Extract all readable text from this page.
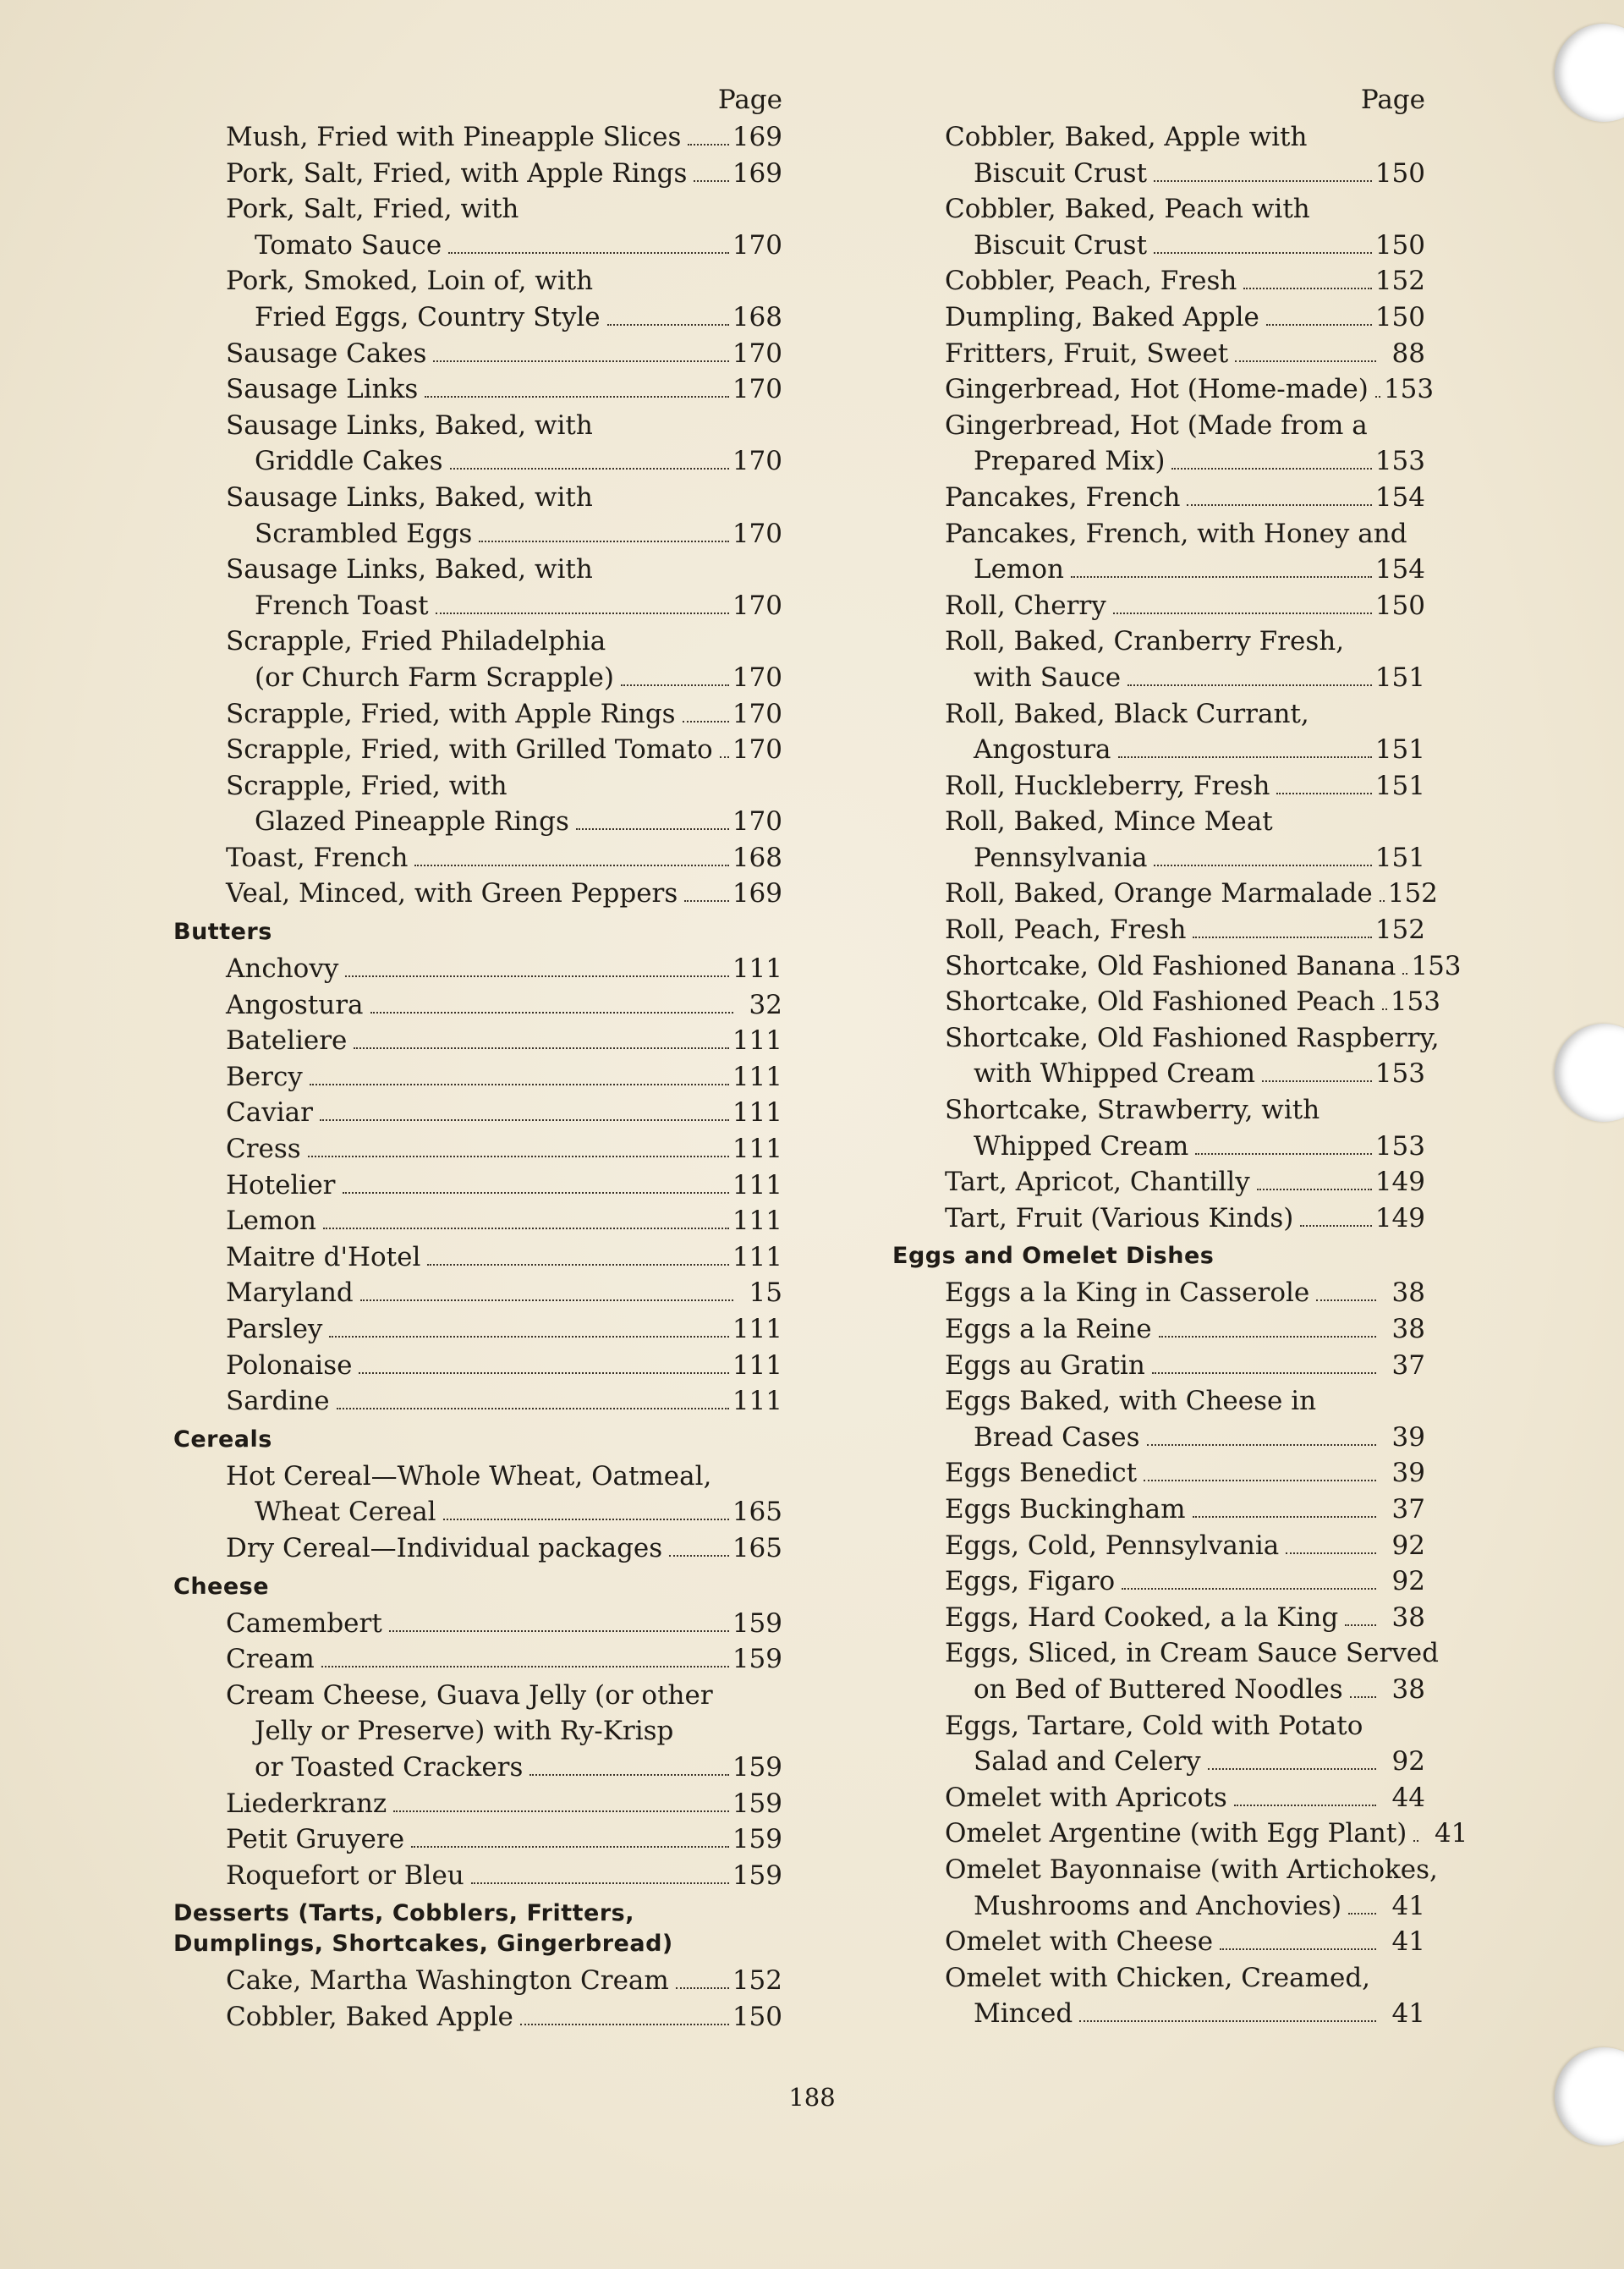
Page
Mush, Fried with Pineapple Slices 169
Pork, Salt, Fried, with Apple Rings 169
Pork, Salt, Fried, with
Tomato Sauce	170
Pork, Smoked, Loin of, with
Fried Eggs, Country Style	168
Sausage Cakes	170
Sausage Links	170
Sausage Links, Baked, with
Griddle Cakes	170
Sausage Links, Baked, with
Scrambled Eggs	170
Sausage Links, Baked, with
French Toast	170
Scrapple, Fried Philadelphia
(or Church Farm Scrapple)	170
Scrapple, Fried, with Apple Rings 170
Scrapple, Fried, with Grilled Tomato 170
Scrapple, Fried, with
Glazed Pineapple Rings	170
Toast, French	168
Veal, Minced, with Green Peppers 169
Butters
Anchovy	111
Angostura	32
Bateliere	111
Bercy	111
Caviar	111
Cress	111
Hotelier	111
Lemon	111
Maitre d'Hotel	111
Maryland	15
Parsley	111
Polonaise	111
Sardine	111
Cereals
Hot Cereal—Whole Wheat, Oatmeal,
Wheat Cereal	165
Dry Cereal—Individual packages	165
Cheese
Camembert	159
Cream	159
Cream Cheese, Guava Jelly (or other
Jelly or Preserve) with Ry-Krisp
or Toasted Crackers	159
Liederkranz	159
Petit Gruyere	159
Roquefort or Bleu	159
Desserts (Tarts, Cobblers, Fritters,
Dumplings, Shortcakes, Gingerbread)
Cake, Martha Washington Cream 152
Cobbler, Baked Apple	150
Page
Cobbler, Baked, Apple with
Biscuit Crust	150
Cobbler, Baked, Peach with
Biscuit Crust	150
Cobbler, Peach, Fresh	152
Dumpling, Baked Apple	150
Fritters, Fruit, Sweet	88
Gingerbread, Hot (Home-made) 153
Gingerbread, Hot (Made from a
Prepared Mix)	153
Pancakes, French	154
Pancakes, French, with Honey and
Lemon	154
Roll, Cherry	150
Roll, Baked, Cranberry Fresh,
with Sauce	151
Roll, Baked, Black Currant,
Angostura	151
Roll, Huckleberry, Fresh	151
Roll, Baked, Mince Meat
Pennsylvania	151
Roll, Baked, Orange Marmalade 152
Roll, Peach, Fresh	152
Shortcake, Old Fashioned Banana 153
Shortcake, Old Fashioned Peach 153
Shortcake, Old Fashioned Raspberry,
with Whipped Cream	153
Shortcake, Strawberry, with
Whipped Cream	153
Tart, Apricot, Chantilly	149
Tart, Fruit (Various Kinds)	149
Eggs and Omelet Dishes
Eggs a la King in Casserole	38
Eggs a la Reine	38
Eggs au Gratin	37
Eggs Baked, with Cheese in
Bread Cases	39
Eggs Benedict	39
Eggs Buckingham	37
Eggs, Cold, Pennsylvania	92
Eggs, Figaro	92
Eggs, Hard Cooked, a la King	38
Eggs, Sliced, in Cream Sauce Served
on Bed of Buttered Noodles	38
Eggs, Tartare, Cold with Potato
Salad and Celery	92
Omelet with Apricots	44
Omelet Argentine (with Egg Plant)	41
Omelet Bayonnaise (with Artichokes,
Mushrooms and Anchovies)	41
Omelet with Cheese	41
Omelet with Chicken, Creamed,
Minced	41
188
